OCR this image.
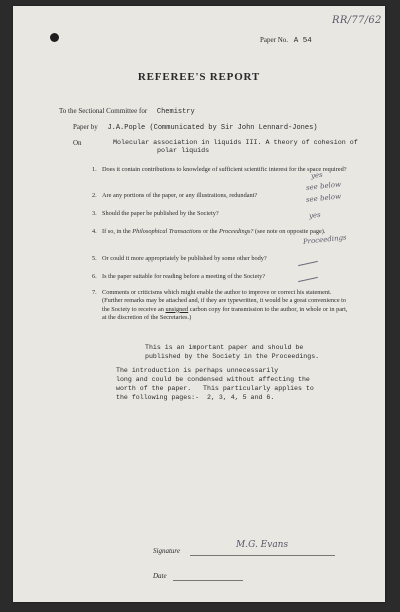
RR/77/62
Paper No. A 54
REFEREE'S REPORT
To the Sectional Committee for Chemistry
Paper by J.A.Pople (Communicated by Sir John Lennard-Jones)
On	Molecular association in liquids III. A theory of cohesion of
polar liquids
1. Does it contain contributions to knowledge of sufficient scientific interest for the space required?
2. Are any portions of the paper, or any illustrations, redundant?
3. Should the paper be published by the Society?
4. If so, in the Philosophical Transactions or the Proceedings? (see note on opposite page).
5. Or could it more appropriately be published by some other body?
6. Is the paper suitable for reading before a meeting of the Society?
7. Comments or criticisms which might enable the author to improve or correct his statement. (Further remarks may be attached and, if they are typewritten, it would be a great convenience to the Society to receive an unsigned carbon copy for transmission to the author, in whole or in part, at the discretion of the Secretaries.)
yes
see below
see below
yes
Proceedings
This is an important paper and should be
published by the Society in the Proceedings.
The introduction is perhaps unnecessarily
long and could be condensed without affecting the
worth of the paper.   This particularly applies to
the following pages:-  2, 3, 4, 5 and 6.
Signature
M.G. Evans
Date
